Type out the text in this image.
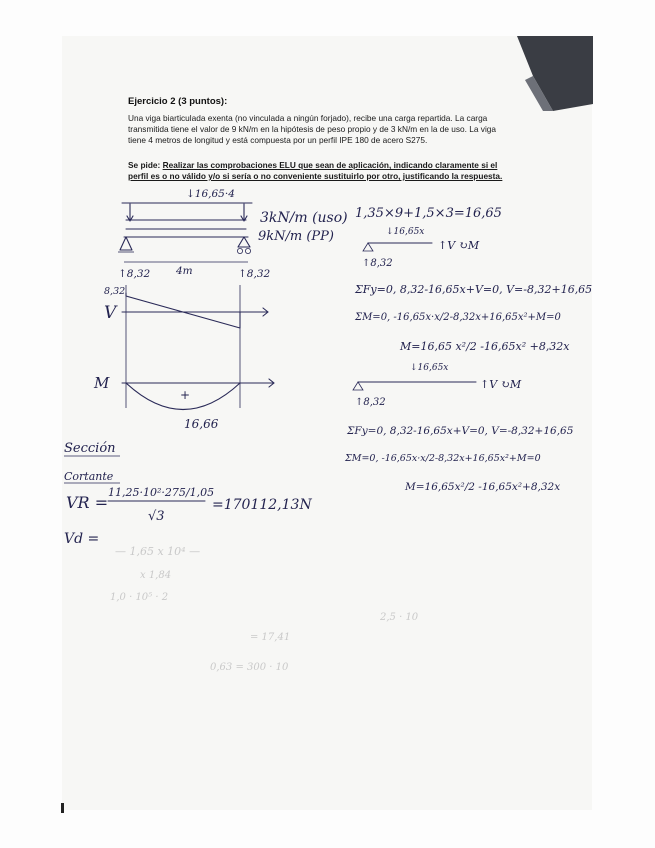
Ejercicio 2 (3 puntos):
Una viga biarticulada exenta (no vinculada a ningún forjado), recibe una carga repartida. La carga transmitida tiene el valor de 9 kN/m en la hipótesis de peso propio y de 3 kN/m en la de uso. La viga tiene 4 metros de longitud y está compuesta por un perfil IPE 180 de acero S275.
Se pide: Realizar las comprobaciones ELU que sean de aplicación, indicando claramente si el perfil es o no válido y/o si sería o no conveniente sustituirlo por otro, justificando la respuesta.
— 1,65 x 10⁴ —
x 1,84
1,0 · 10⁵ · 2
= 17,41
0,63 = 300 · 10
2,5 · 10
↓16,65·4
3kN/m (uso)
9kN/m (PP)
4m
↑8,32	↑8,32
8,32
V
M
+
16,66
1,35×9+1,5×3=16,65
↓16,65x
↑V ↻M
↑8,32
ΣFy=0, 8,32-16,65x+V=0, V=-8,32+16,65
ΣM=0, -16,65x·x/2-8,32x+16,65x²+M=0
M=16,65 x²/2 -16,65x² +8,32x
↓16,65x
↑V ↻M
↑8,32
ΣFy=0, 8,32-16,65x+V=0, V=-8,32+16,65
ΣM=0, -16,65x·x/2-8,32x+16,65x²+M=0
M=16,65x²/2 -16,65x²+8,32x
Sección
Cortante
VR =
11,25·10²·275/1,05
√3
=170112,13N
Vd =
